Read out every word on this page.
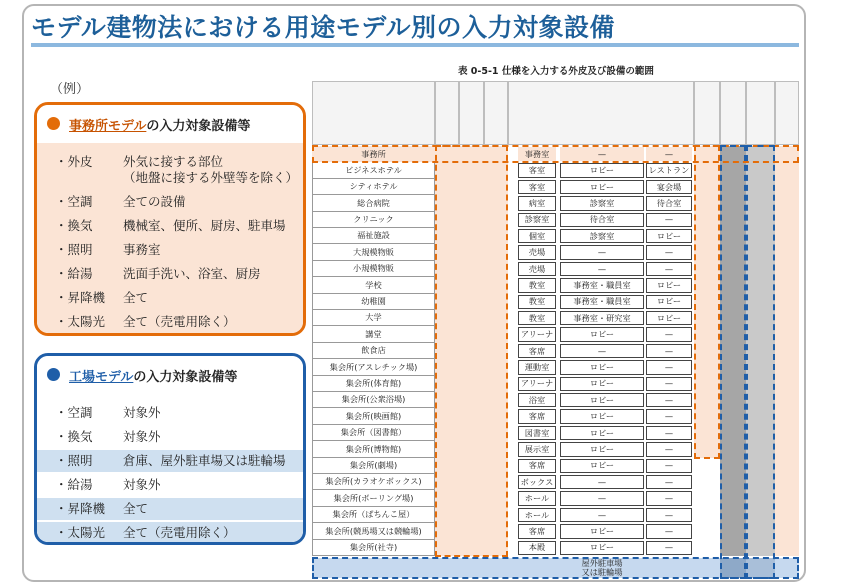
モデル建物法における用途モデル別の入力対象設備
（例）
事務所モデルの入力対象設備等
・外皮 外気に接する部位
（地盤に接する外壁等を除く）
・空調 全ての設備
・換気 機械室、便所、厨房、駐車場
・照明 事務室
・給湯 洗面手洗い、浴室、厨房
・昇降機 全て
・太陽光 全て（売電用除く）
工場モデルの入力対象設備等
・空調 対象外
・換気 対象外
・照明 倉庫、屋外駐車場又は駐輪場
・給湯 対象外
・昇降機 全て
・太陽光 全て（売電用除く）
表 0-5-1 仕様を入力する外皮及び設備の範囲
事務所	事務室	—	—
ビジネスホテル	客室	ロビー	レストラン
シティホテル	客室	ロビー	宴会場
総合病院	病室	診察室	待合室
クリニック	診察室	待合室	—
福祉施設	個室	診察室	ロビー
大規模物販	売場	—	—
小規模物販	売場	—	—
学校	教室	事務室・職員室	ロビー
幼稚園	教室	事務室・職員室	ロビー
大学	教室	事務室・研究室	ロビー
講堂	アリーナ	ロビー	—
飲食店	客席	—	—
集会所(アスレチック場)	運動室	ロビー	—
集会所(体育館)	アリーナ	ロビー	—
集会所(公衆浴場)	浴室	ロビー	—
集会所(映画館)	客席	ロビー	—
集会所（図書館）	図書室	ロビー	—
集会所(博物館)	展示室	ロビー	—
集会所(劇場)	客席	ロビー	—
集会所(カラオケボックス)	ボックス	—	—
集会所(ボーリング場)	ホール	—	—
集会所（ぱちんこ屋）	ホール	—	—
集会所(競馬場又は競輪場)	客席	ロビー	—
集会所(社寺)	本殿	ロビー	—
屋外駐車場
又は駐輪場
